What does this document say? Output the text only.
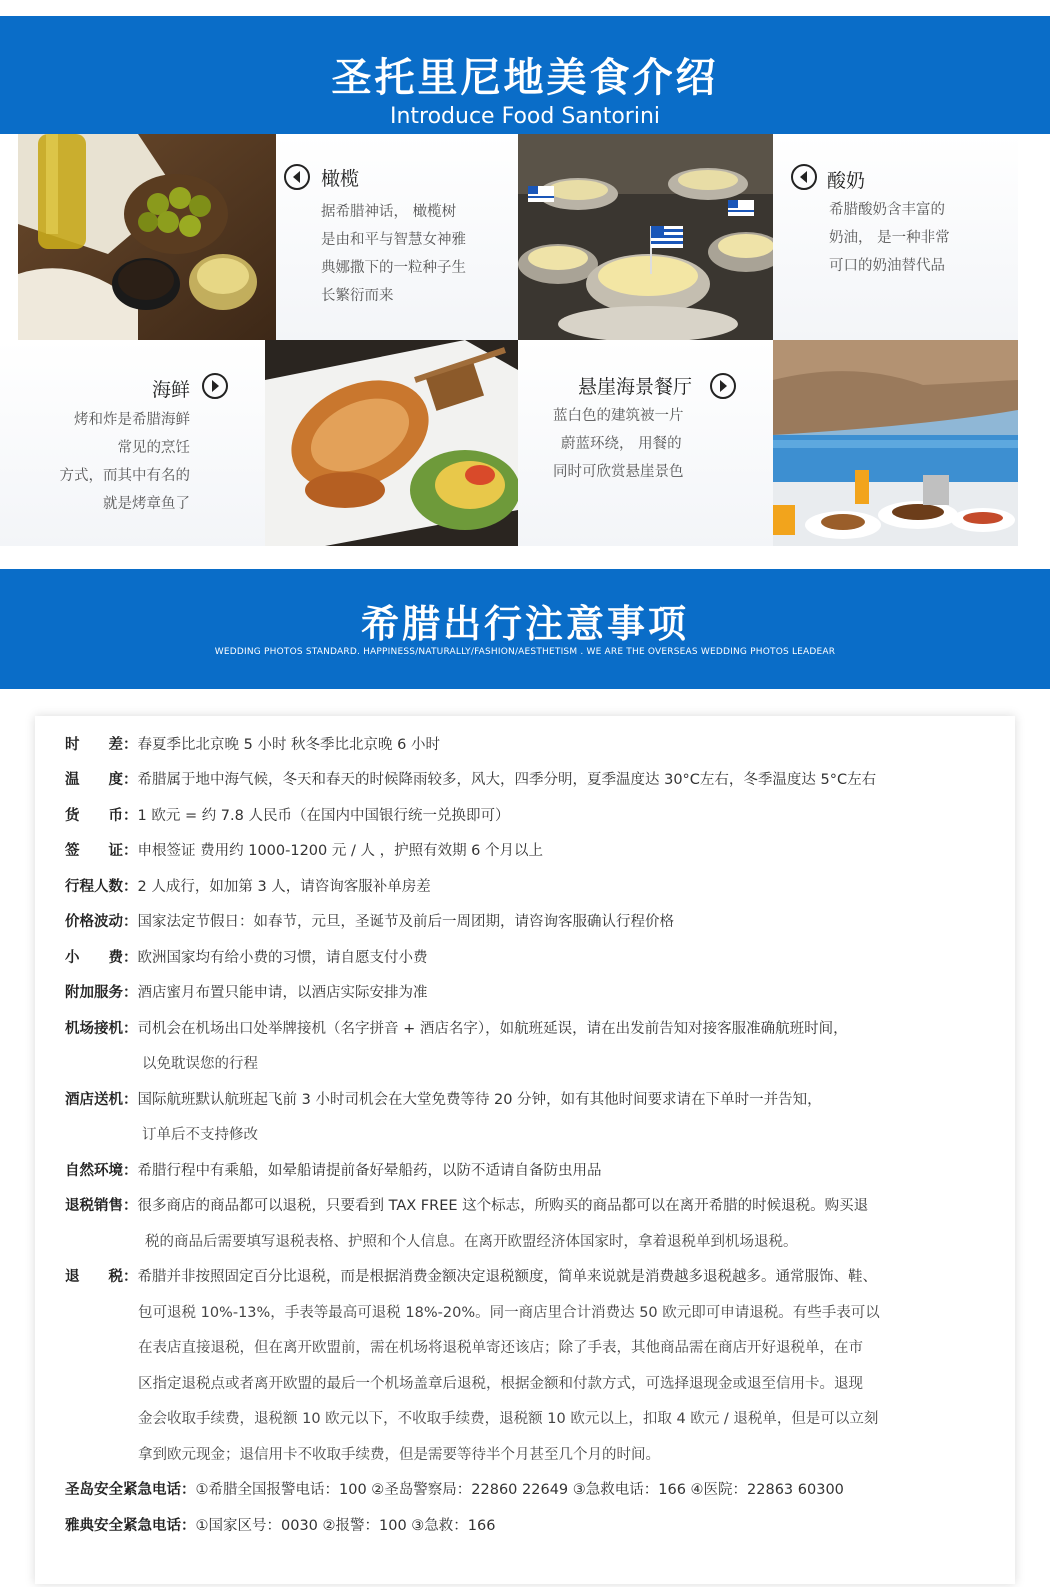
圣托里尼地美食介绍
Introduce Food Santorini
橄榄
据希腊神话， 橄榄树
是由和平与智慧女神雅
典娜撒下的一粒种子生
长繁衍而来
酸奶
希腊酸奶含丰富的
奶油， 是一种非常
可口的奶油替代品
海鲜
烤和炸是希腊海鲜
常见的烹饪
方式，而其中有名的
就是烤章鱼了
悬崖海景餐厅
蓝白色的建筑被一片
蔚蓝环绕， 用餐的
同时可欣赏悬崖景色
希腊出行注意事项
WEDDING PHOTOS STANDARD. HAPPINESS/NATURALLY/FASHION/AESTHETISM . WE ARE THE OVERSEAS WEDDING PHOTOS LEADEAR
时　　差：春夏季比北京晚 5 小时 秋冬季比北京晚 6 小时
温　　度：希腊属于地中海气候，冬天和春天的时候降雨较多，风大，四季分明，夏季温度达 30°C左右，冬季温度达 5°C左右
货　　币：1 欧元 = 约 7.8 人民币（在国内中国银行统一兑换即可）
签　　证：申根签证 费用约 1000-1200 元 / 人 ，护照有效期 6 个月以上
行程人数：2 人成行，如加第 3 人，请咨询客服补单房差
价格波动：国家法定节假日：如春节，元旦，圣诞节及前后一周团期，请咨询客服确认行程价格
小　　费：欧洲国家均有给小费的习惯，请自愿支付小费
附加服务：酒店蜜月布置只能申请，以酒店实际安排为准
机场接机：司机会在机场出口处举牌接机（名字拼音 + 酒店名字），如航班延误，请在出发前告知对接客服准确航班时间，
以免耽误您的行程
酒店送机：国际航班默认航班起飞前 3 小时司机会在大堂免费等待 20 分钟，如有其他时间要求请在下单时一并告知，
订单后不支持修改
自然环境：希腊行程中有乘船，如晕船请提前备好晕船药，以防不适请自备防虫用品
退税销售：很多商店的商品都可以退税，只要看到 TAX FREE 这个标志，所购买的商品都可以在离开希腊的时候退税。购买退
税的商品后需要填写退税表格、护照和个人信息。在离开欧盟经济体国家时，拿着退税单到机场退税。
退　　税：希腊并非按照固定百分比退税，而是根据消费金额决定退税额度，简单来说就是消费越多退税越多。通常服饰、鞋、
包可退税 10%-13%，手表等最高可退税 18%-20%。同一商店里合计消费达 50 欧元即可申请退税。有些手表可以
在表店直接退税，但在离开欧盟前，需在机场将退税单寄还该店；除了手表，其他商品需在商店开好退税单，在市
区指定退税点或者离开欧盟的最后一个机场盖章后退税，根据金额和付款方式，可选择退现金或退至信用卡。退现
金会收取手续费，退税额 10 欧元以下，不收取手续费，退税额 10 欧元以上，扣取 4 欧元 / 退税单，但是可以立刻
拿到欧元现金；退信用卡不收取手续费，但是需要等待半个月甚至几个月的时间。
圣岛安全紧急电话：①希腊全国报警电话：100 ②圣岛警察局：22860 22649 ③急救电话：166 ④医院：22863 60300
雅典安全紧急电话：①国家区号：0030 ②报警：100 ③急救：166
